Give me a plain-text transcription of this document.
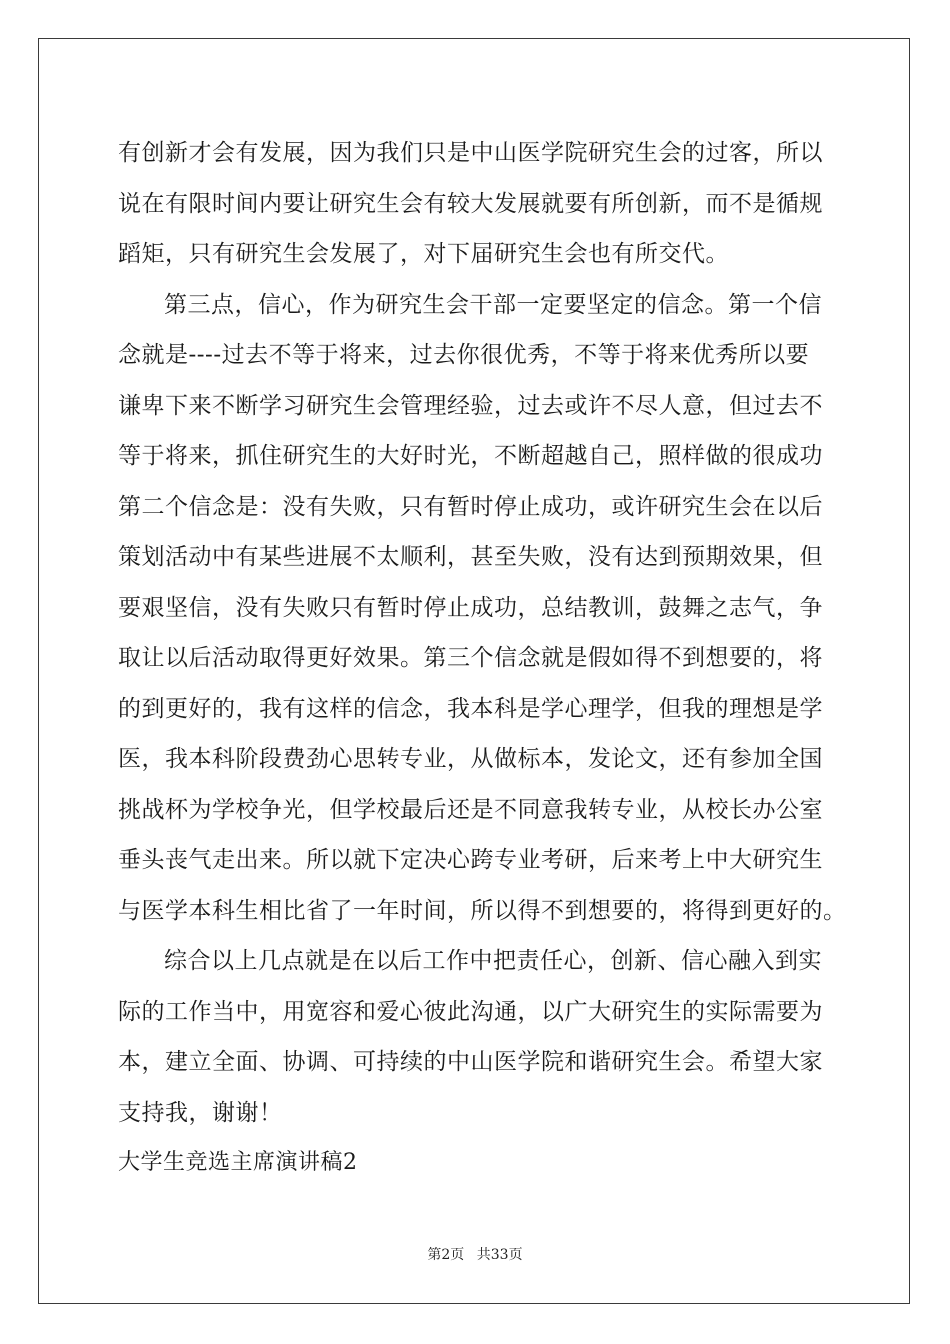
有创新才会有发展，因为我们只是中山医学院研究生会的过客，所以
说在有限时间内要让研究生会有较大发展就要有所创新，而不是循规
蹈矩，只有研究生会发展了，对下届研究生会也有所交代。
第三点，信心，作为研究生会干部一定要坚定的信念。第一个信
念就是----过去不等于将来，过去你很优秀，不等于将来优秀所以要
谦卑下来不断学习研究生会管理经验，过去或许不尽人意，但过去不
等于将来，抓住研究生的大好时光，不断超越自己，照样做的很成功
第二个信念是：没有失败，只有暂时停止成功，或许研究生会在以后
策划活动中有某些进展不太顺利，甚至失败，没有达到预期效果，但
要艰坚信，没有失败只有暂时停止成功，总结教训，鼓舞之志气，争
取让以后活动取得更好效果。第三个信念就是假如得不到想要的，将
的到更好的，我有这样的信念，我本科是学心理学，但我的理想是学
医，我本科阶段费劲心思转专业，从做标本，发论文，还有参加全国
挑战杯为学校争光，但学校最后还是不同意我转专业，从校长办公室
垂头丧气走出来。所以就下定决心跨专业考研，后来考上中大研究生
与医学本科生相比省了一年时间，所以得不到想要的，将得到更好的。
综合以上几点就是在以后工作中把责任心，创新、信心融入到实
际的工作当中，用宽容和爱心彼此沟通，以广大研究生的实际需要为
本，建立全面、协调、可持续的中山医学院和谐研究生会。希望大家
支持我，谢谢！
大学生竞选主席演讲稿2
第2页 共33页
